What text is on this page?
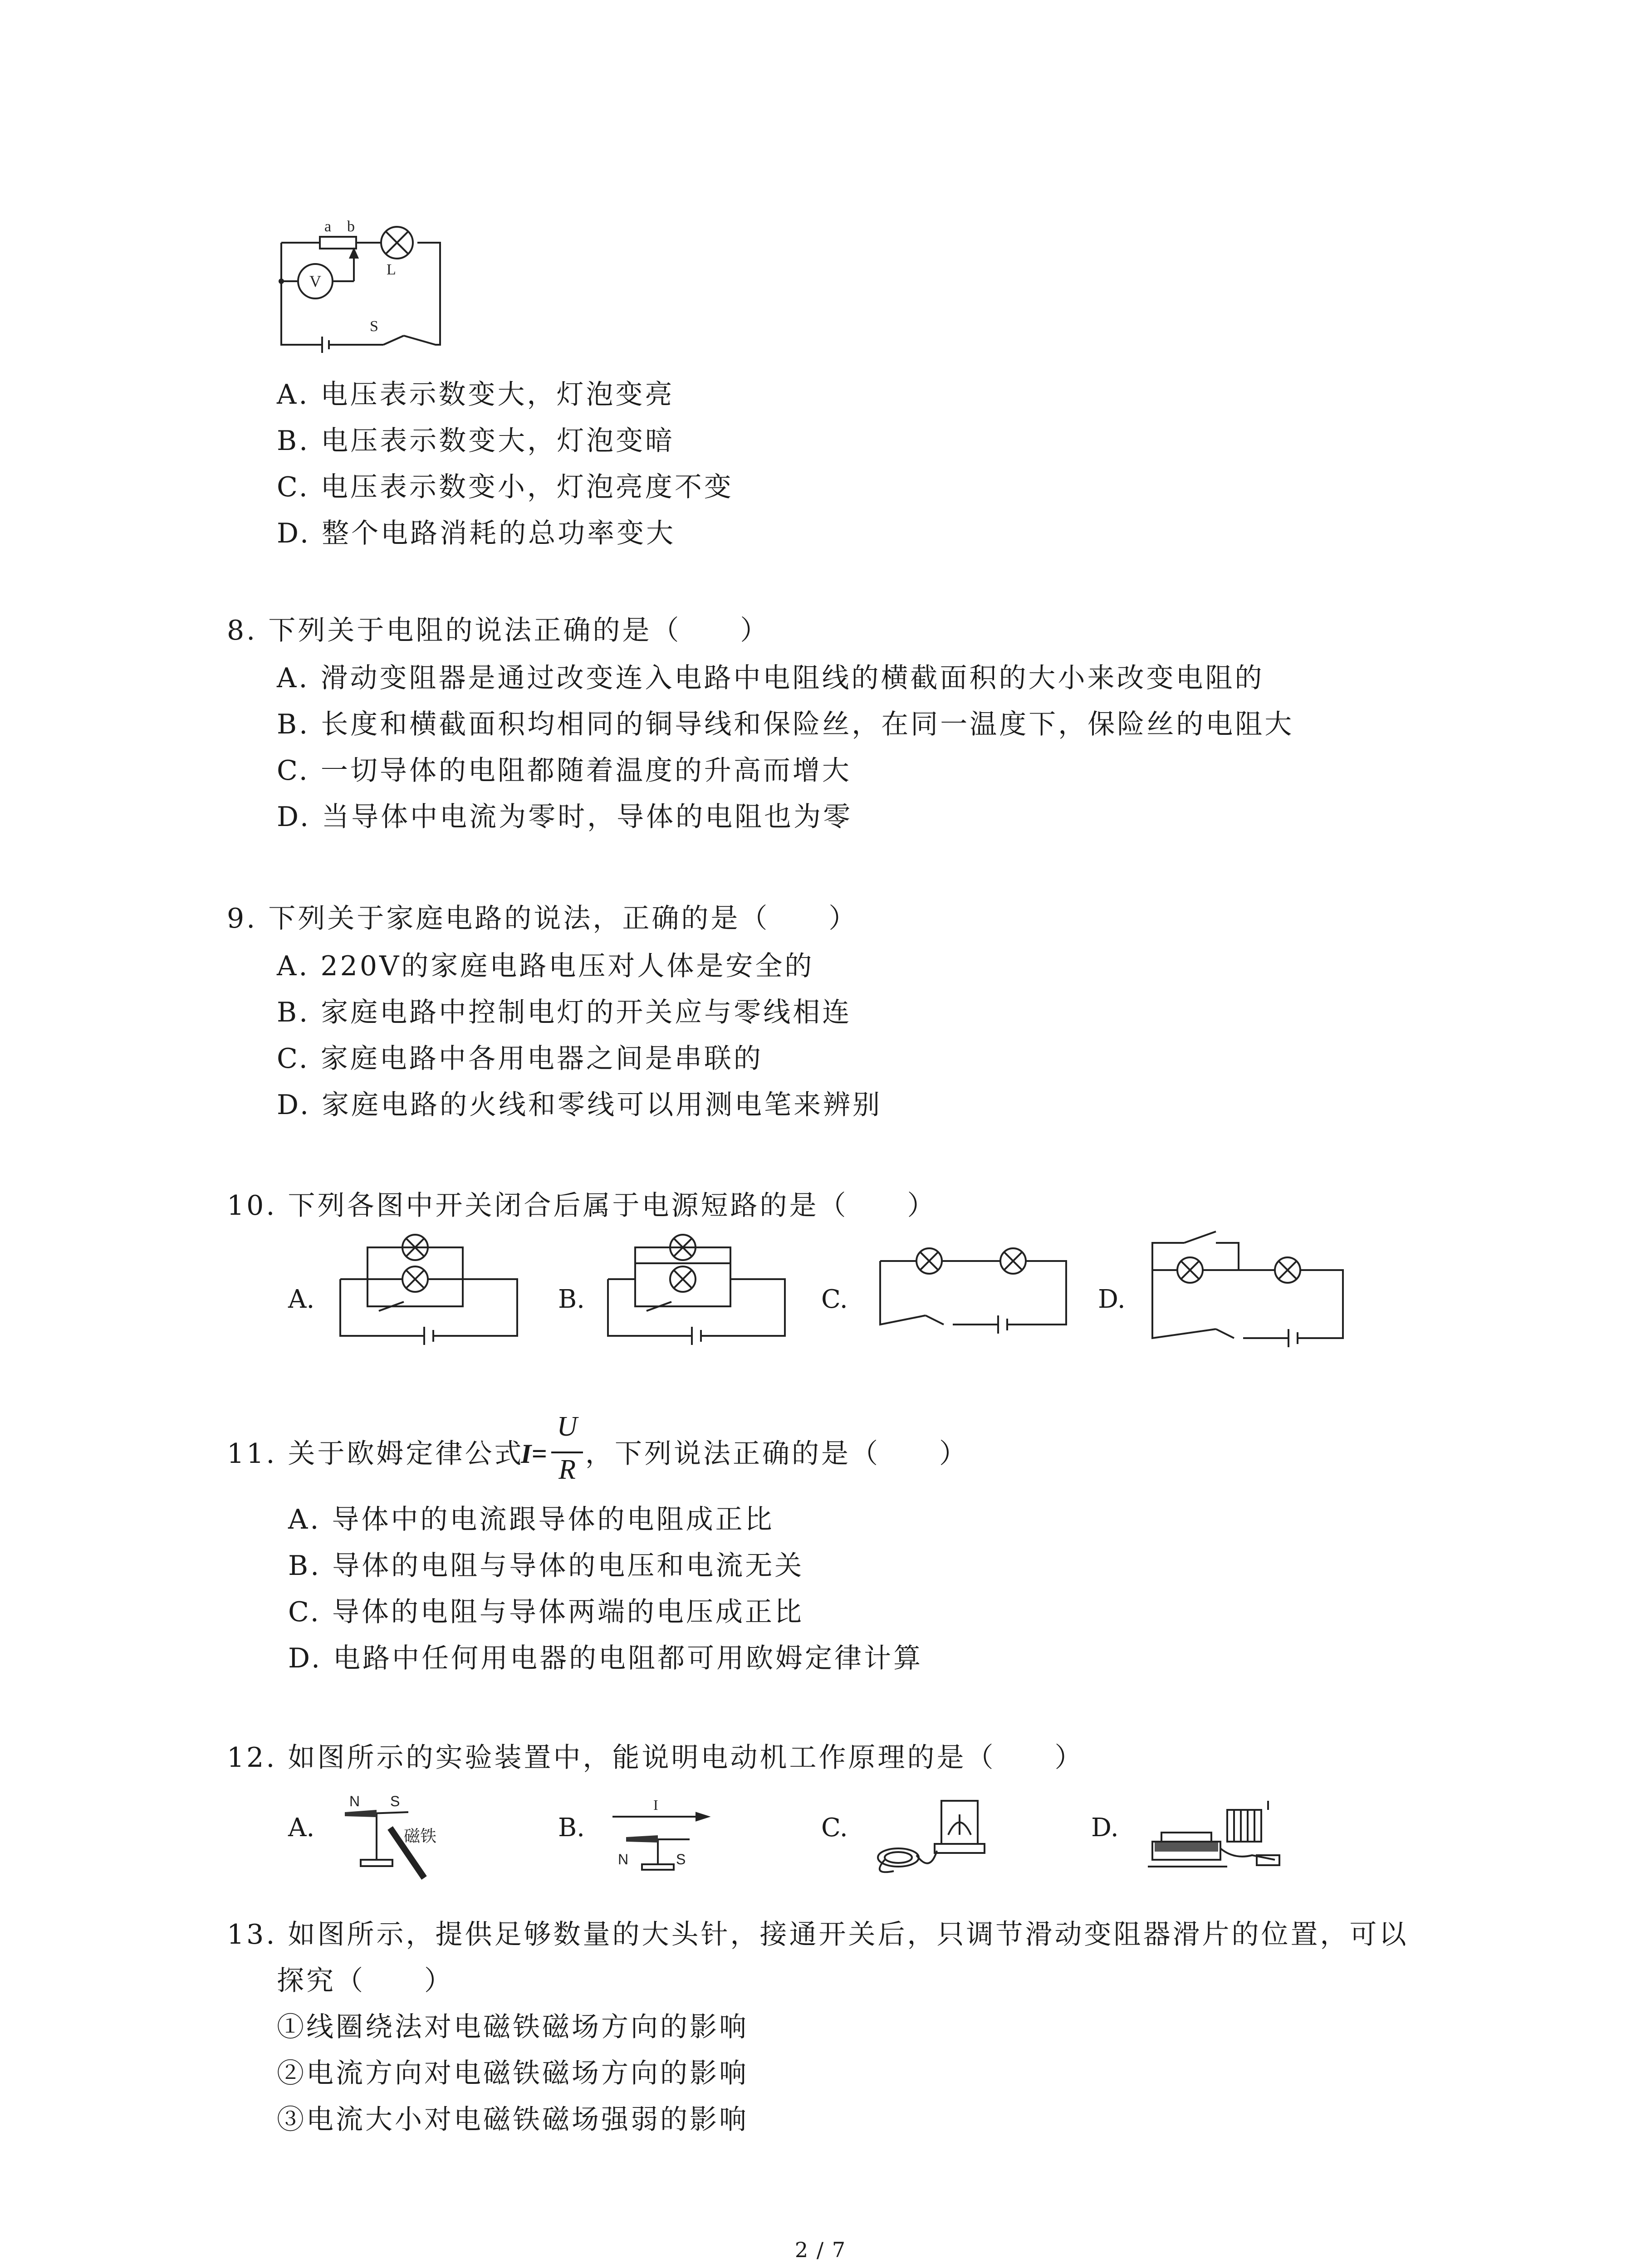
a b
L
V
S
A. 电压表示数变大，灯泡变亮
B. 电压表示数变大，灯泡变暗
C. 电压表示数变小，灯泡亮度不变
D. 整个电路消耗的总功率变大
8. 下列关于电阻的说法正确的是（　　）
A. 滑动变阻器是通过改变连入电路中电阻线的横截面积的大小来改变电阻的
B. 长度和横截面积均相同的铜导线和保险丝，在同一温度下，保险丝的电阻大
C. 一切导体的电阻都随着温度的升高而增大
D. 当导体中电流为零时，导体的电阻也为零
9. 下列关于家庭电路的说法，正确的是（　　）
A. 220V的家庭电路电压对人体是安全的
B. 家庭电路中控制电灯的开关应与零线相连
C. 家庭电路中各用电器之间是串联的
D. 家庭电路的火线和零线可以用测电笔来辨别
10. 下列各图中开关闭合后属于电源短路的是（　　）
A.	B.	C.	D.
11. 关于欧姆定律公式
I=
U
R ，下列说法正确的是（　　）
A. 导体中的电流跟导体的电阻成正比
B. 导体的电阻与导体的电压和电流无关
C. 导体的电阻与导体两端的电压成正比
D. 电路中任何用电器的电阻都可用欧姆定律计算
12. 如图所示的实验装置中，能说明电动机工作原理的是（　　）
A.
N S
磁铁	B.
I
N	S
C.	D.
13. 如图所示，提供足够数量的大头针，接通开关后，只调节滑动变阻器滑片的位置，可以
探究（　　）
①线圈绕法对电磁铁磁场方向的影响
②电流方向对电磁铁磁场方向的影响
③电流大小对电磁铁磁场强弱的影响
2 / 7
